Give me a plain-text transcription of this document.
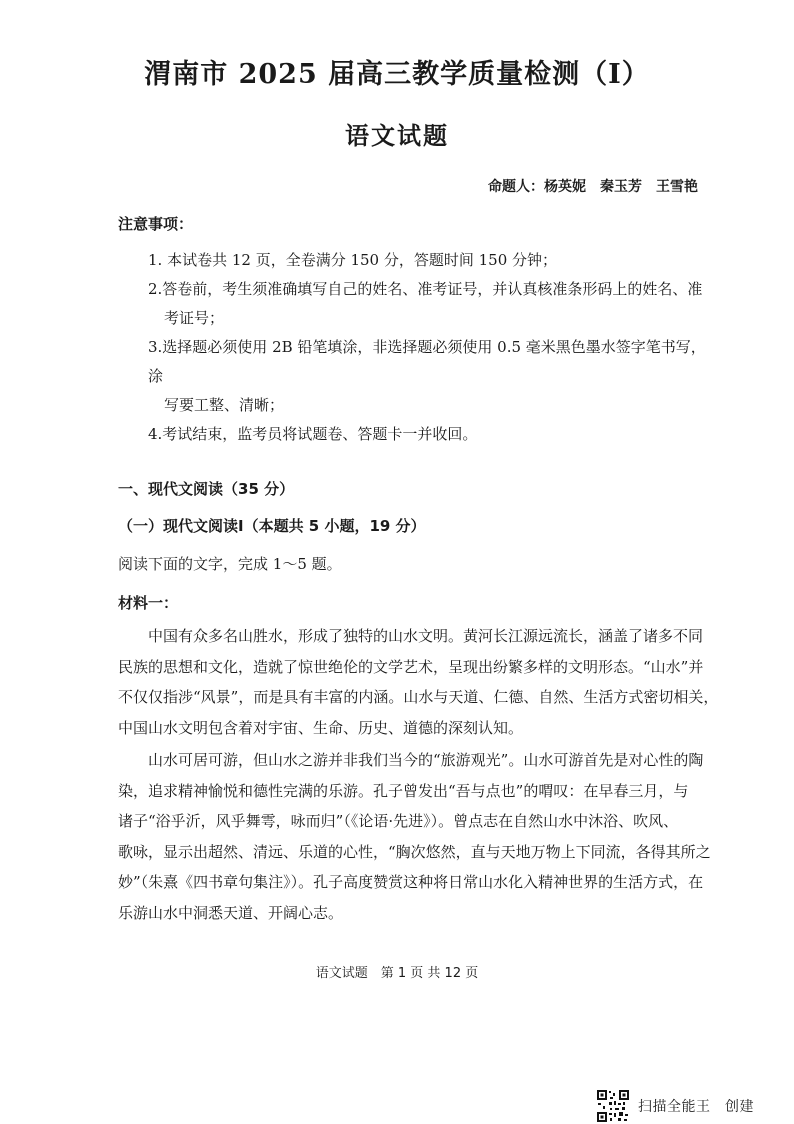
渭南市 2025 届高三教学质量检测（Ⅰ）
语文试题
命题人：杨英妮　秦玉芳　王雪艳
注意事项：
1. 本试卷共 12 页，全卷满分 150 分，答题时间 150 分钟；
2.答卷前，考生须准确填写自己的姓名、准考证号，并认真核准条形码上的姓名、准
考证号；
3.选择题必须使用 2B 铅笔填涂，非选择题必须使用 0.5 毫米黑色墨水签字笔书写，涂
写要工整、清晰；
4.考试结束，监考员将试题卷、答题卡一并收回。
一、现代文阅读（35 分）
（一）现代文阅读Ⅰ（本题共 5 小题，19 分）
阅读下面的文字，完成 1～5 题。
材料一：

　　中国有众多名山胜水，形成了独特的山水文明。黄河长江源远流长，涵盖了诸多不同
民族的思想和文化，造就了惊世绝伦的文学艺术，呈现出纷繁多样的文明形态。“山水”并
不仅仅指涉“风景”，而是具有丰富的内涵。山水与天道、仁德、自然、生活方式密切相关，
中国山水文明包含着对宇宙、生命、历史、道德的深刻认知。

　　山水可居可游，但山水之游并非我们当今的“旅游观光”。山水可游首先是对心性的陶
染，追求精神愉悦和德性完满的乐游。孔子曾发出“吾与点也”的喟叹：在早春三月，与
诸子“浴乎沂，风乎舞雩，咏而归”（《论语·先进》）。曾点志在自然山水中沐浴、吹风、
歌咏，显示出超然、清远、乐道的心性，“胸次悠然，直与天地万物上下同流，各得其所之
妙”（朱熹《四书章句集注》）。孔子高度赞赏这种将日常山水化入精神世界的生活方式，在
乐游山水中洞悉天道、开阔心志。

语文试题　第 1 页 共 12 页
扫描全能王　创建
